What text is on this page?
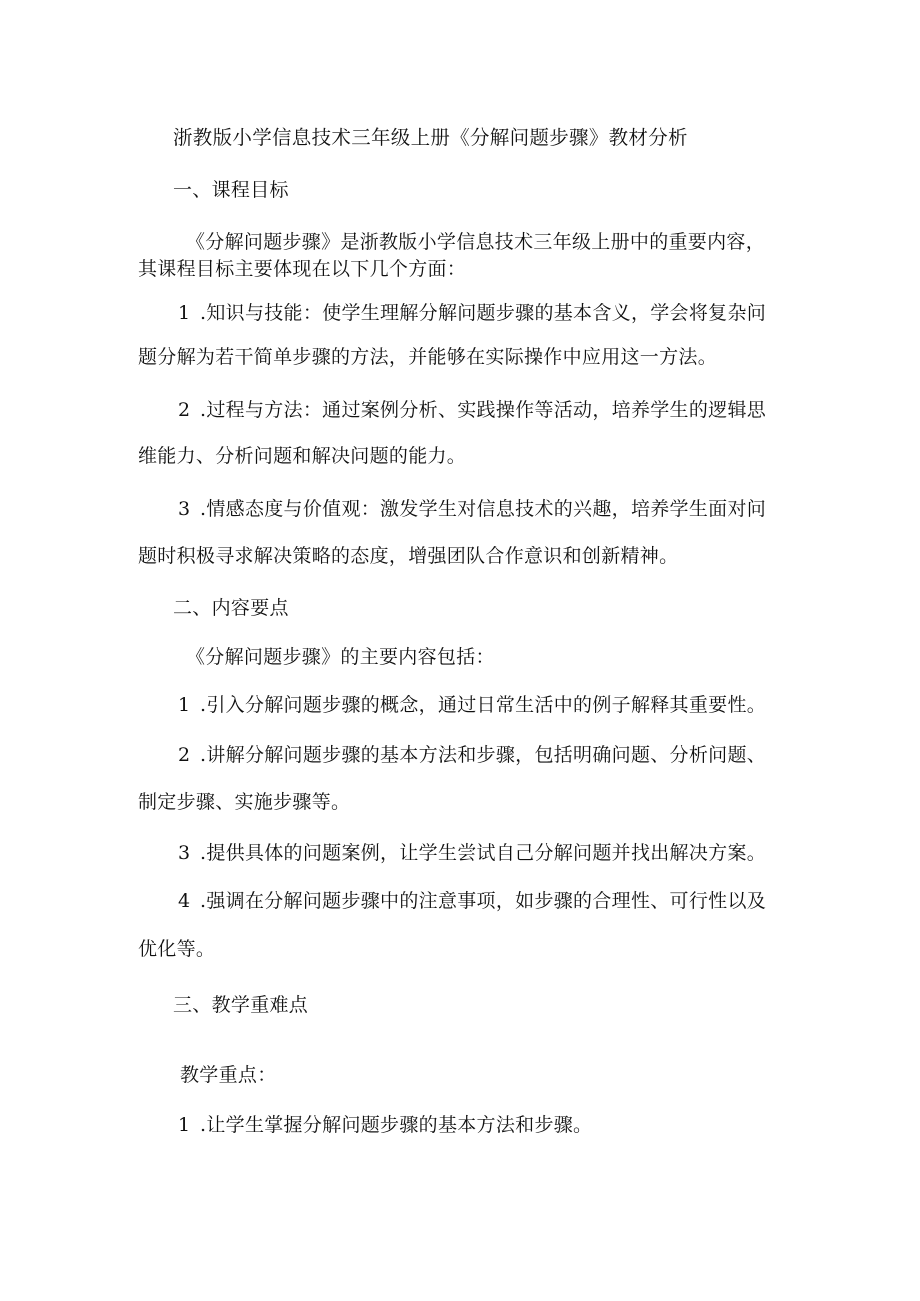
浙教版小学信息技术三年级上册《分解问题步骤》教材分析
一、课程目标
《分解问题步骤》是浙教版小学信息技术三年级上册中的重要内容，
其课程目标主要体现在以下几个方面：
1 .知识与技能：使学生理解分解问题步骤的基本含义，学会将复杂问
题分解为若干简单步骤的方法，并能够在实际操作中应用这一方法。
2 .过程与方法：通过案例分析、实践操作等活动，培养学生的逻辑思
维能力、分析问题和解决问题的能力。
3 .情感态度与价值观：激发学生对信息技术的兴趣，培养学生面对问
题时积极寻求解决策略的态度，增强团队合作意识和创新精神。
二、内容要点
《分解问题步骤》的主要内容包括：
1 .引入分解问题步骤的概念，通过日常生活中的例子解释其重要性。
2 .讲解分解问题步骤的基本方法和步骤，包括明确问题、分析问题、
制定步骤、实施步骤等。
3 .提供具体的问题案例，让学生尝试自己分解问题并找出解决方案。
4 .强调在分解问题步骤中的注意事项，如步骤的合理性、可行性以及
优化等。
三、教学重难点
教学重点：
1 .让学生掌握分解问题步骤的基本方法和步骤。
